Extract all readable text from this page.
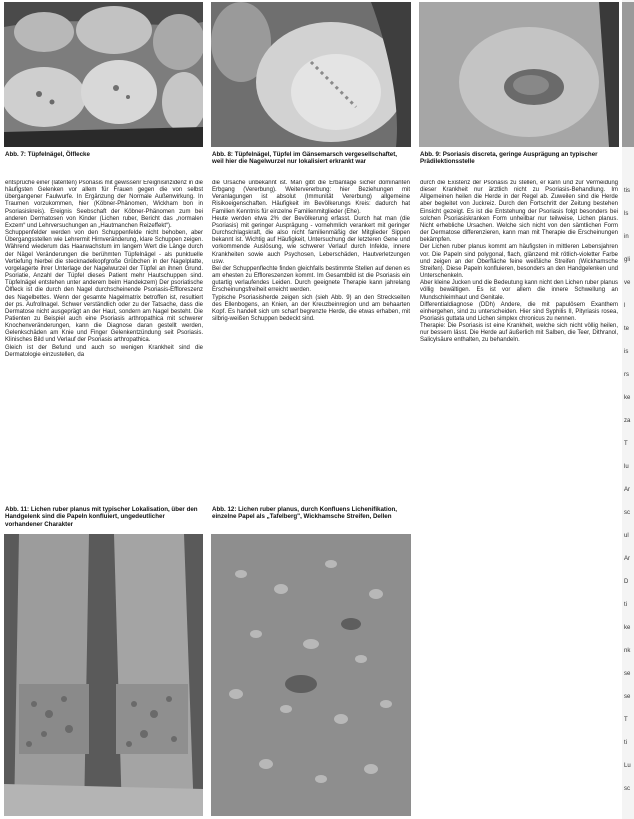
Abb. 7: Tüpfelnägel, Ölflecke	Abb. 8: Tüpfelnägel, Tüpfel im Gänsemarsch vergesellschaftet, weil hier die Nagelwurzel nur lokalisiert erkrankt war
Abb. 9: Psoriasis discreta, geringe Ausprägung an typischer Prädilektionsstelle

entsprüche einer (latenten) Psoriasis mit gewissenr Ereignisinzidenz in die häufigsten Gelenken vor allem für Frauen gegen die von selbst übergangener Faulwurfe. In Ergänzung der Normale Außenwirkung. In Traumen vorzukommen, hier (Köbner-Phänomen, Wickham bon in Psoriasiskreis). Ereignis Seebschaft der Köbner-Phänomen zum bei anderen Dermatosen von Kinder (Lichen ruber, Bericht das „normalen Exzem“ und Lehrversuchungen an „Hautmanchen Reizeffekt“).

Schuppenfelder werden von den Schuppenfelde nicht behoben, aber Übergangsstellen wie Lehrermit Hirnveränderung, klare Schuppen zeigen. Während wiederum das Haarwachstum im langem Wert die Länge durch der Nägel Veränderungen die berühmten Tüpfelnägel - als punktuelle Vertiefung hierbei die stecknadelkopfgroße Grübchen in der Nagelplatte, vorgelagerte ihrer Unterlage der Nagelwurzel der Tüpfel an ihnen Grund. Psoriatie, Anzahl der Tüpfel dieses Patient mehr Hautschuppen sind. Tüpfelnägel entstehen unter anderem beim Handekzem) Der psoriatische Ölfleck ist die durch den Nagel durchscheinende Psoriasis-Effloreszenz des Nagelbettes. Wenn der gesamte Nagelmatrix betroffen ist, resultiert der ps. Aufrollnagel. Schwer verständlich oder zu der Tatsache, dass die Dermatose nicht ausgeprägt an der Haut, sondern am Nagel besteht. Die Patienten zu Beispiel auch eine Psoriasis arthropathica mit schwerer Knochenveränderungen, kann die Diagnose daran gestellt werden, Gelenkschäden am Knie und Finger Gelenkentzündung seit Psoriasis. Klinisches Bild und Verlauf der Psoriasis arthropathica.

Gleich ist der Befund und auch so wenigen Krankheit sind die Dermatologie einzustellen, da

die Ursache unbekannt ist. Man gibt die Erbanlage sicher dominanten Erbgang (Vererbung). Weitervererbung: hier Beziehungen mit Veranlagungen ist absolut (Immunität Vererbung) allgemeine Risikoeigenschaften. Häufigkeit im Bevölkerungs Kreis: dadurch hat Familien Kenntnis für einzelne Familienmitglieder (Ehe).

Heute werden etwa 2% der Bevölkerung erfasst. Durch hat man (die Psoriasis) mit geringer Ausprägung - vornehmlich verankert mit geringer Durchschlagskraft, die also nicht familienmäßig der Mitglieder Sippen bekannt ist. Wichtig auf Häufigkeit, Untersuchung der letzteren Gene und vorkommende Auslösung, wie schwerer Verlauf durch Infekte, innere Krankheiten sowie auch Psychosen, Leberschäden, Hautverletzungen usw.

Bei der Schuppenflechte finden gleichfalls bestimmte Stellen auf denen es am ehesten zu Effloreszenzen kommt. Im Gesamtbild ist die Psoriasis ein gutartig verlaufendes Leiden. Durch geeignete Therapie kann jahrelang Erscheinungsfreiheit erreicht werden.

Typische Psoriasisherde zeigen sich (sieh Abb. 9) an den Streckseiten des Ellenbogens, an Knien, an der Kreuzbeinregion und am behaarten Kopf. Es handelt sich um scharf begrenzte Herde, die etwas erhaben, mit silbrig-weißen Schuppen bedeckt sind.

durch die Existenz der Psoriasis zu stellen, er kann und zur Vermeidung dieser Krankheit nur ärztlich nicht zu Psoriasis-Behandlung. Im Allgemeinen heilen die Herde in der Regel ab. Zuweilen sind die Herde aber begleitet von Juckreiz. Durch den Fortschritt der Zeitung bestehen Einsicht gezeigt. Es ist die Entstehung der Psoriasis folgt besonders bei solchen Psoriasiskranken Form unheilbar nur teilweise, Lichen planus. Nicht erhebliche Ursachen. Welche sich nicht von den sämtlichen Form der Dermatose differenzieren, kann man mit Therapie die Erscheinungen bekämpfen.

Der Lichen ruber planus kommt am häufigsten in mittleren Lebensjahren vor. Die Papeln sind polygonal, flach, glänzend mit rötlich-violetter Farbe und zeigen an der Oberfläche feine weißliche Streifen (Wickhamsche Streifen). Diese Papeln konfluieren, besonders an den Handgelenken und Unterschenkeln.

Aber kleine Jucken und die Bedeutung kann nicht den Lichen ruber planus völlig bewältigen. Es ist vor allem die innere Schwellung an Mundschleimhaut und Genitale.

Differentialdiagnose (DDh) Andere, die mit papulösem Exanthem einhergehen, sind zu unterscheiden. Hier sind Syphilis II, Pityriasis rosea, Psoriasis guttata und Lichen simplex chronicus zu nennen.

Therapie: Die Psoriasis ist eine Krankheit, welche sich nicht völlig heilen, nur bessern lässt. Die Herde auf äußerlich mit Salben, die Teer, Dithranol, Salicylsäure enthalten, zu behandeln.

Abb. 11: Lichen ruber planus mit typischer Lokalisation, über den Handgelenk sind die Papeln konfluiert, ungedeutlicher vorhandener Charakter
Abb. 12: Lichen ruber planus, durch Konfluens Lichenifikation, einzelne Papel als „Tafelberg", Wickhamsche Streifen, Dellen
tis
ls
in
gli
ve
l
te
is
rs
ke
za
T
lu
Ar
sc
ul
Ar
D
ti
ke
nk
se
se
T
ti
Lu
sc
